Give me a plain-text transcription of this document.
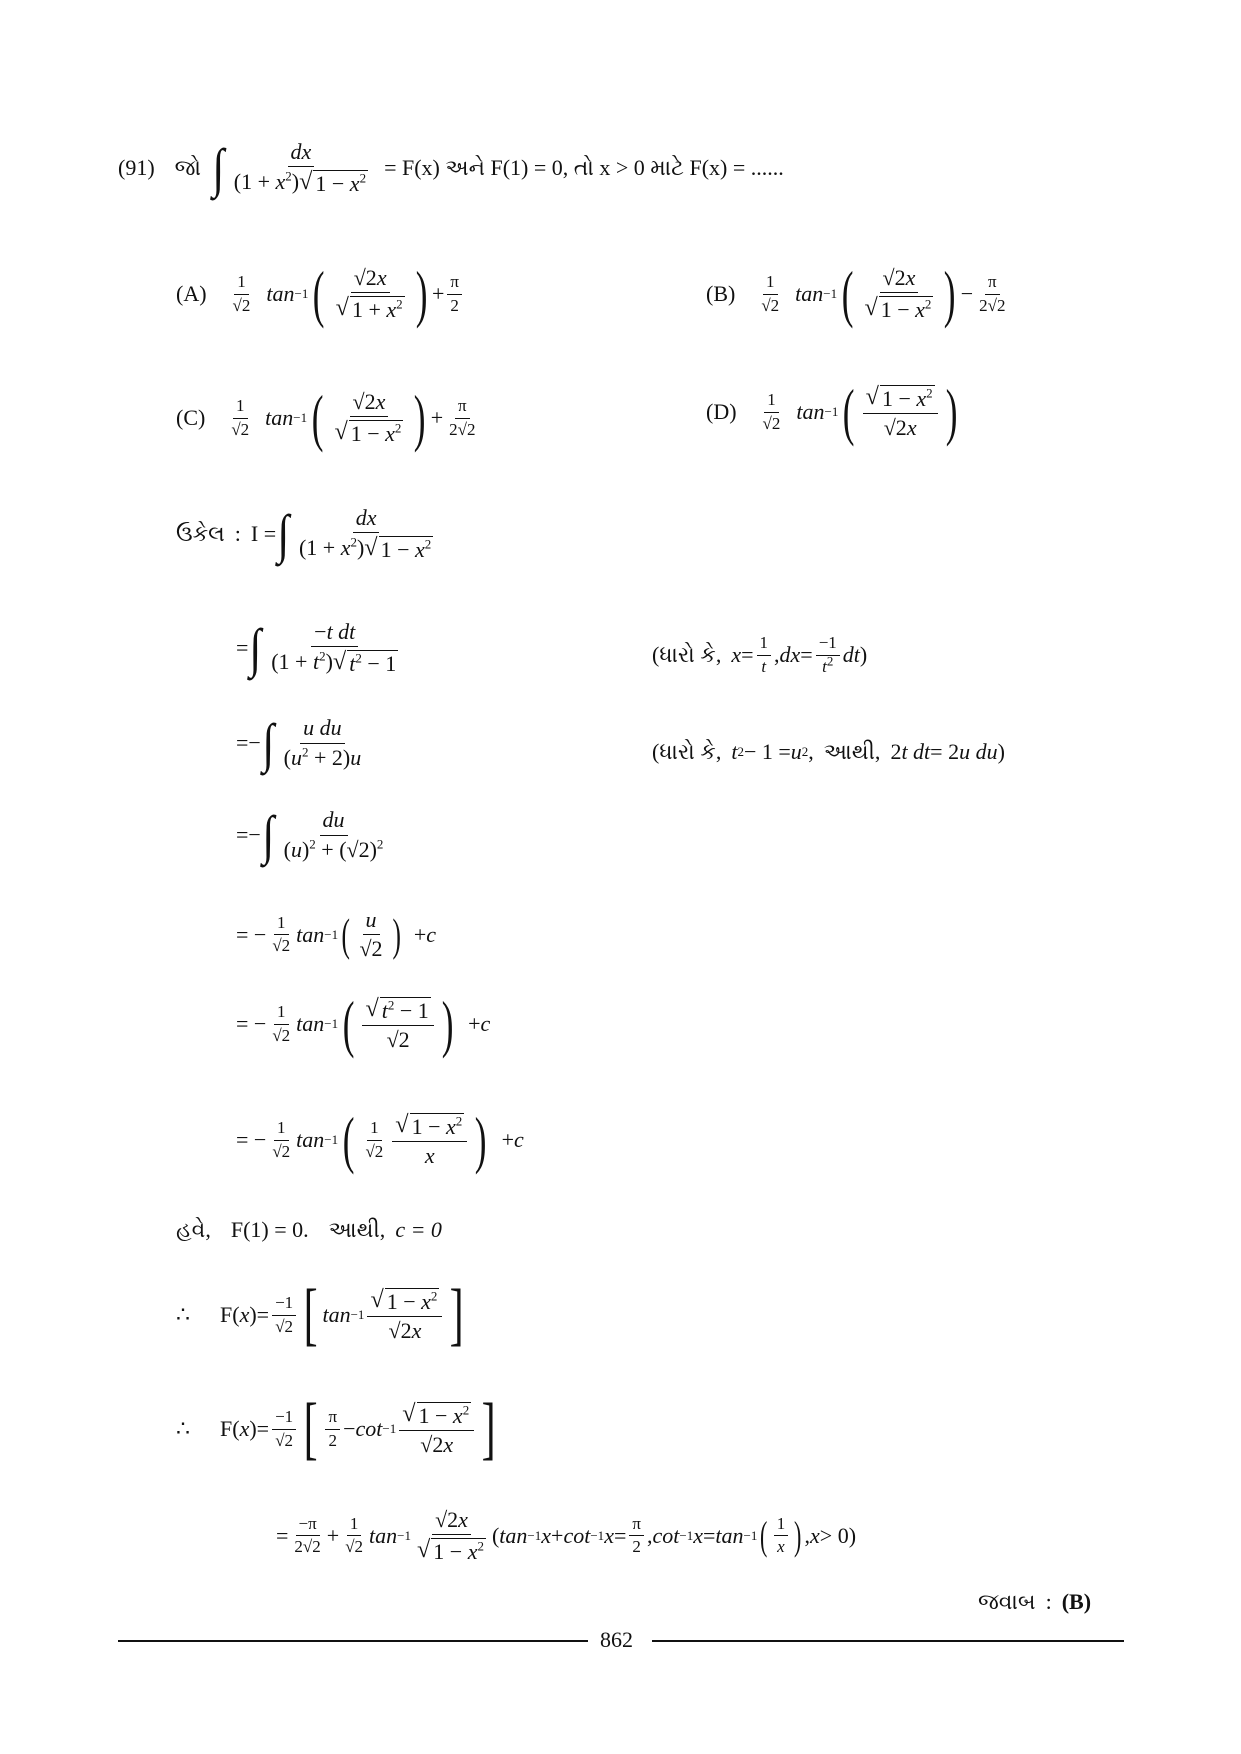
(91) જો ∫ $\frac{dx}{(1 + x^2) √ 1 - x^2} = F(x)$ અને F(1) = 0, તો x > 0 માટે F(x) = ......
$(A) \frac{1}{√2}$ tan −1 ( $\frac{√2x}{√ 1 + x^2}$ ) + $\frac{\pi}{2}$	$(B) \frac{1}{√2}$ tan −1 ( $\frac{√2x}{√ 1 - x^2}$ ) − $\frac{\pi}{2√2}$
$(C) \frac{1}{√2}$ tan −1 ( $\frac{√2x}{√ 1 - x^2}$ ) + $\frac{\pi}{2√2}$	$(D) \frac{1}{√2}$ tan −1 ( $\frac{√ 1 - x^2}{√2x}$ )
ઉકેલ : I = ∫ $\frac{dx}{(1 + x^2) √ 1 - x^2}$
= ∫ $\frac{\text{−t dt}}{(1 + t^2) √ t^2 - 1}$	(ધારો કે, $x = \frac{1}{t}$ , dx = $\frac{-1}{t^2}$ dt )
=− ∫ $\frac{\text{u du}}{(u^2 + 2)u}$	(ધારો કે, t 2 − 1 = u 2 , આથી, 2 t dt = 2 u du )
=− ∫ $\frac{du}{(u)^2 + (√2)^2}$
= − $\frac{1}{√2}$ tan −1 ( $\frac{u}{√2}$ ) + c
= − $\frac{1}{√2}$ tan −1 ( $\frac{√ t^2 - 1}{√2}$ ) + c
= − $\frac{1}{√2}$ tan −1 ( $\frac{1}{√2} \frac{√ 1 - x^2}{x}$ ) + c
હવે, F(1) = 0. આથી, c = 0
∴ F( x )= $\frac{-1}{√2}$ [ $\tan -1 \frac{√ 1 - x^2}{√2x}$ ]
∴ F( x )= $\frac{-1}{√2}$ [ $\frac{\pi}{2} - \cot -1 \frac{√ 1 - x^2}{√2x}$ ]
= $\frac{-\pi}{2√2} + \frac{1}{√2}$ $\tan -1 \frac{√2x}{√ 1 - x^2}$ ( tan −1 x + cot −1 $x = \frac{\pi}{2}$ , cot −1 x = tan −1 ( $\frac{1}{x}$ ) , x > 0)
જવાબ : (B)
862
